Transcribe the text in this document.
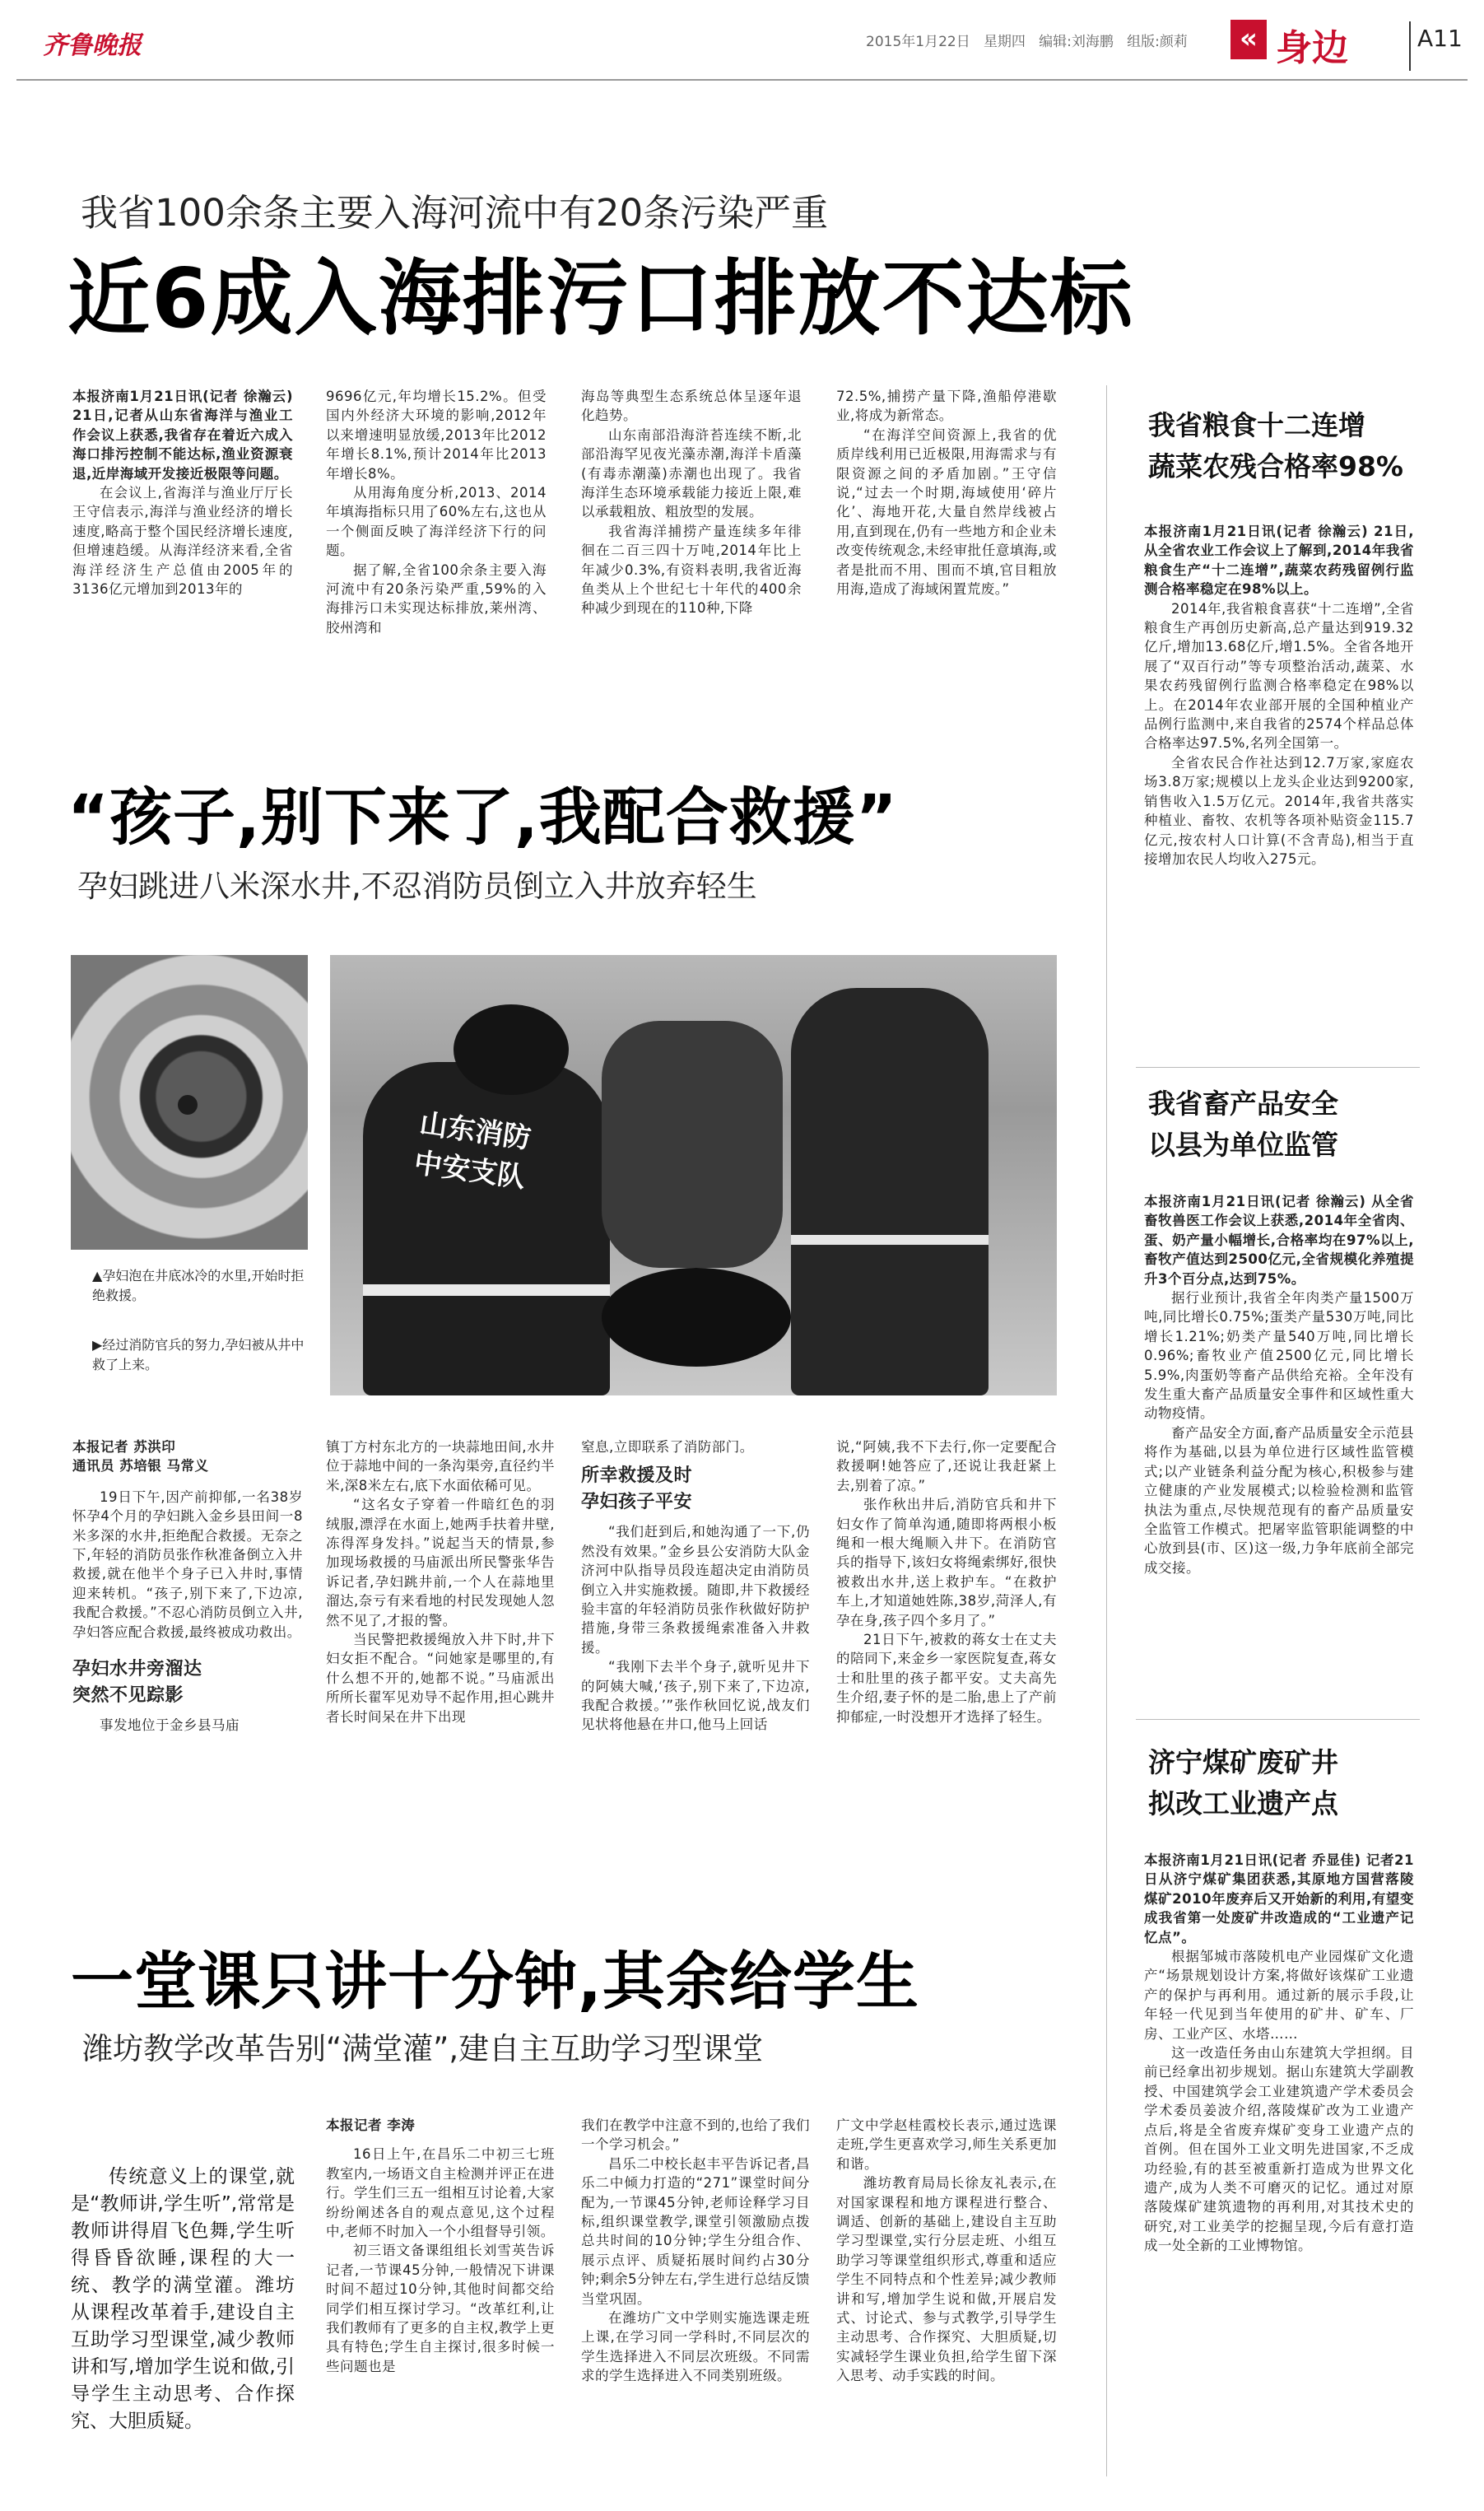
齐鲁晚报	2015年1月22日 星期四 编辑:刘海鹏 组版:颜莉	« 身边	A11
我省100余条主要入海河流中有20条污染严重
近6成入海排污口排放不达标

本报济南1月21日讯(记者 徐瀚云) 21日,记者从山东省海洋与渔业工作会议上获悉,我省存在着近六成入海口排污控制不能达标,渔业资源衰退,近岸海域开发接近极限等问题。

在会议上,省海洋与渔业厅厅长王守信表示,海洋与渔业经济的增长速度,略高于整个国民经济增长速度,但增速趋缓。从海洋经济来看,全省海洋经济生产总值由2005年的3136亿元增加到2013年的

9696亿元,年均增长15.2%。但受国内外经济大环境的影响,2012年以来增速明显放缓,2013年比2012年增长8.1%,预计2014年比2013年增长8%。

从用海角度分析,2013、2014年填海指标只用了60%左右,这也从一个侧面反映了海洋经济下行的问题。

据了解,全省100余条主要入海河流中有20条污染严重,59%的入海排污口未实现达标排放,莱州湾、胶州湾和

海岛等典型生态系统总体呈逐年退化趋势。

山东南部沿海浒苔连续不断,北部沿海罕见夜光藻赤潮,海洋卡盾藻(有毒赤潮藻)赤潮也出现了。我省海洋生态环境承载能力接近上限,难以承载粗放、粗放型的发展。

我省海洋捕捞产量连续多年徘徊在二百三四十万吨,2014年比上年减少0.3%,有资料表明,我省近海鱼类从上个世纪七十年代的400余种减少到现在的110种,下降

72.5%,捕捞产量下降,渔船停港歇业,将成为新常态。

“在海洋空间资源上,我省的优质岸线利用已近极限,用海需求与有限资源之间的矛盾加剧。”王守信说,“过去一个时期,海域使用‘碎片化’、海地开花,大量自然岸线被占用,直到现在,仍有一些地方和企业未改变传统观念,未经审批任意填海,或者是批而不用、围而不填,官目粗放用海,造成了海域闲置荒废。”

我省粮食十二连增
蔬菜农残合格率98%

本报济南1月21日讯(记者 徐瀚云) 21日,从全省农业工作会议上了解到,2014年我省粮食生产“十二连增”,蔬菜农药残留例行监测合格率稳定在98%以上。

2014年,我省粮食喜获“十二连增”,全省粮食生产再创历史新高,总产量达到919.32亿斤,增加13.68亿斤,增1.5%。全省各地开展了“双百行动”等专项整治活动,蔬菜、水果农药残留例行监测合格率稳定在98%以上。在2014年农业部开展的全国种植业产品例行监测中,来自我省的2574个样品总体合格率达97.5%,名列全国第一。

全省农民合作社达到12.7万家,家庭农场3.8万家;规模以上龙头企业达到9200家,销售收入1.5万亿元。2014年,我省共落实种植业、畜牧、农机等各项补贴资金115.7亿元,按农村人口计算(不含青岛),相当于直接增加农民人均收入275元。

“孩子,别下来了,我配合救援”
孕妇跳进八米深水井,不忍消防员倒立入井放弃轻生
▲孕妇泡在井底冰冷的水里,开始时拒绝救援。
▶经过消防官兵的努力,孕妇被从井中救了上来。
山东消防
中安支队

本报记者 苏洪印

通讯员 苏培银 马常义

19日下午,因产前抑郁,一名38岁怀孕4个月的孕妇跳入金乡县田间一8米多深的水井,拒绝配合救援。无奈之下,年轻的消防员张作秋准备倒立入井救援,就在他半个身子已入井时,事情迎来转机。“孩子,别下来了,下边凉,我配合救援。”不忍心消防员倒立入井,孕妇答应配合救援,最终被成功救出。

孕妇水井旁溜达
突然不见踪影

事发地位于金乡县马庙

镇丁方村东北方的一块蒜地田间,水井位于蒜地中间的一条沟渠旁,直径约半米,深8米左右,底下水面依稀可见。

“这名女子穿着一件暗红色的羽绒服,漂浮在水面上,她两手扶着井壁,冻得浑身发抖。”说起当天的情景,参加现场救援的马庙派出所民警张华告诉记者,孕妇跳井前,一个人在蒜地里溜达,奈亏有来看地的村民发现她人忽然不见了,才报的警。

当民警把救援绳放入井下时,井下妇女拒不配合。“问她家是哪里的,有什么想不开的,她都不说。”马庙派出所所长翟军见劝导不起作用,担心跳井者长时间呆在井下出现

窒息,立即联系了消防部门。

所幸救援及时
孕妇孩子平安

“我们赶到后,和她沟通了一下,仍然没有效果。”金乡县公安消防大队金济河中队指导员段连超决定由消防员倒立入井实施救援。随即,井下救援经验丰富的年轻消防员张作秋做好防护措施,身带三条救援绳索准备入井救援。

“我刚下去半个身子,就听见井下的阿姨大喊,‘孩子,别下来了,下边凉,我配合救援。’”张作秋回忆说,战友们见状将他悬在井口,他马上回话

说,“阿姨,我不下去行,你一定要配合救援啊!她答应了,还说让我赶紧上去,别着了凉。”

张作秋出井后,消防官兵和井下妇女作了简单沟通,随即将两根小板绳和一根大绳顺入井下。在消防官兵的指导下,该妇女将绳索绑好,很快被救出水井,送上救护车。“在救护车上,才知道她姓陈,38岁,菏泽人,有孕在身,孩子四个多月了。”

21日下午,被救的蒋女士在丈夫的陪同下,来金乡一家医院复查,蒋女士和肚里的孩子都平安。丈夫高先生介绍,妻子怀的是二胎,患上了产前抑郁症,一时没想开才选择了轻生。

我省畜产品安全
以县为单位监管

本报济南1月21日讯(记者 徐瀚云) 从全省畜牧兽医工作会议上获悉,2014年全省肉、蛋、奶产量小幅增长,合格率均在97%以上,畜牧产值达到2500亿元,全省规模化养殖提升3个百分点,达到75%。

据行业预计,我省全年肉类产量1500万吨,同比增长0.75%;蛋类产量530万吨,同比增长1.21%;奶类产量540万吨,同比增长0.96%;畜牧业产值2500亿元,同比增长5.9%,肉蛋奶等畜产品供给充裕。全年没有发生重大畜产品质量安全事件和区域性重大动物疫情。

畜产品安全方面,畜产品质量安全示范县将作为基础,以县为单位进行区域性监管模式;以产业链条利益分配为核心,积极参与建立健康的产业发展模式;以检验检测和监管执法为重点,尽快规范现有的畜产品质量安全监管工作模式。把屠宰监管职能调整的中心放到县(市、区)这一级,力争年底前全部完成交接。

济宁煤矿废矿井
拟改工业遗产点

本报济南1月21日讯(记者 乔显佳) 记者21日从济宁煤矿集团获悉,其原地方国营落陵煤矿2010年废弃后又开始新的利用,有望变成我省第一处废矿井改造成的“工业遗产记忆点”。

根据邹城市落陵机电产业园煤矿文化遗产“场景规划设计方案,将做好该煤矿工业遗产的保护与再利用。通过新的展示手段,让年轻一代见到当年使用的矿井、矿车、厂房、工业产区、水塔……

这一改造任务由山东建筑大学担纲。目前已经拿出初步规划。据山东建筑大学副教授、中国建筑学会工业建筑遗产学术委员会学术委员姜波介绍,落陵煤矿改为工业遗产点后,将是全省废弃煤矿变身工业遗产点的首例。但在国外工业文明先进国家,不乏成功经验,有的甚至被重新打造成为世界文化遗产,成为人类不可磨灭的记忆。通过对原落陵煤矿建筑遗物的再利用,对其技术史的研究,对工业美学的挖掘呈现,今后有意打造成一处全新的工业博物馆。

一堂课只讲十分钟,其余给学生
潍坊教学改革告别“满堂灌”,建自主互助学习型课堂
传统意义上的课堂,就是“教师讲,学生听”,常常是教师讲得眉飞色舞,学生听得昏昏欲睡,课程的大一统、教学的满堂灌。潍坊从课程改革着手,建设自主互助学习型课堂,减少教师讲和写,增加学生说和做,引导学生主动思考、合作探究、大胆质疑。

本报记者 李涛

16日上午,在昌乐二中初三七班教室内,一场语文自主检测并评正在进行。学生们三五一组相互讨论着,大家纷纷阐述各自的观点意见,这个过程中,老师不时加入一个小组督导引领。

初三语文备课组组长刘雪英告诉记者,一节课45分钟,一般情况下讲课时间不超过10分钟,其他时间都交给同学们相互探讨学习。“改革红利,让我们教师有了更多的自主权,教学上更具有特色;学生自主探讨,很多时候一些问题也是

我们在教学中注意不到的,也给了我们一个学习机会。”

昌乐二中校长赵丰平告诉记者,昌乐二中倾力打造的“271”课堂时间分配为,一节课45分钟,老师诠释学习目标,组织课堂教学,课堂引领激励点拨总共时间的10分钟;学生分组合作、展示点评、质疑拓展时间约占30分钟;剩余5分钟左右,学生进行总结反馈当堂巩固。

在潍坊广文中学则实施选课走班上课,在学习同一学科时,不同层次的学生选择进入不同层次班级。不同需求的学生选择进入不同类别班级。

广文中学赵桂霞校长表示,通过选课走班,学生更喜欢学习,师生关系更加和谐。

潍坊教育局局长徐友礼表示,在对国家课程和地方课程进行整合、调适、创新的基础上,建设自主互助学习型课堂,实行分层走班、小组互助学习等课堂组织形式,尊重和适应学生不同特点和个性差异;减少教师讲和写,增加学生说和做,开展启发式、讨论式、参与式教学,引导学生主动思考、合作探究、大胆质疑,切实减轻学生课业负担,给学生留下深入思考、动手实践的时间。
